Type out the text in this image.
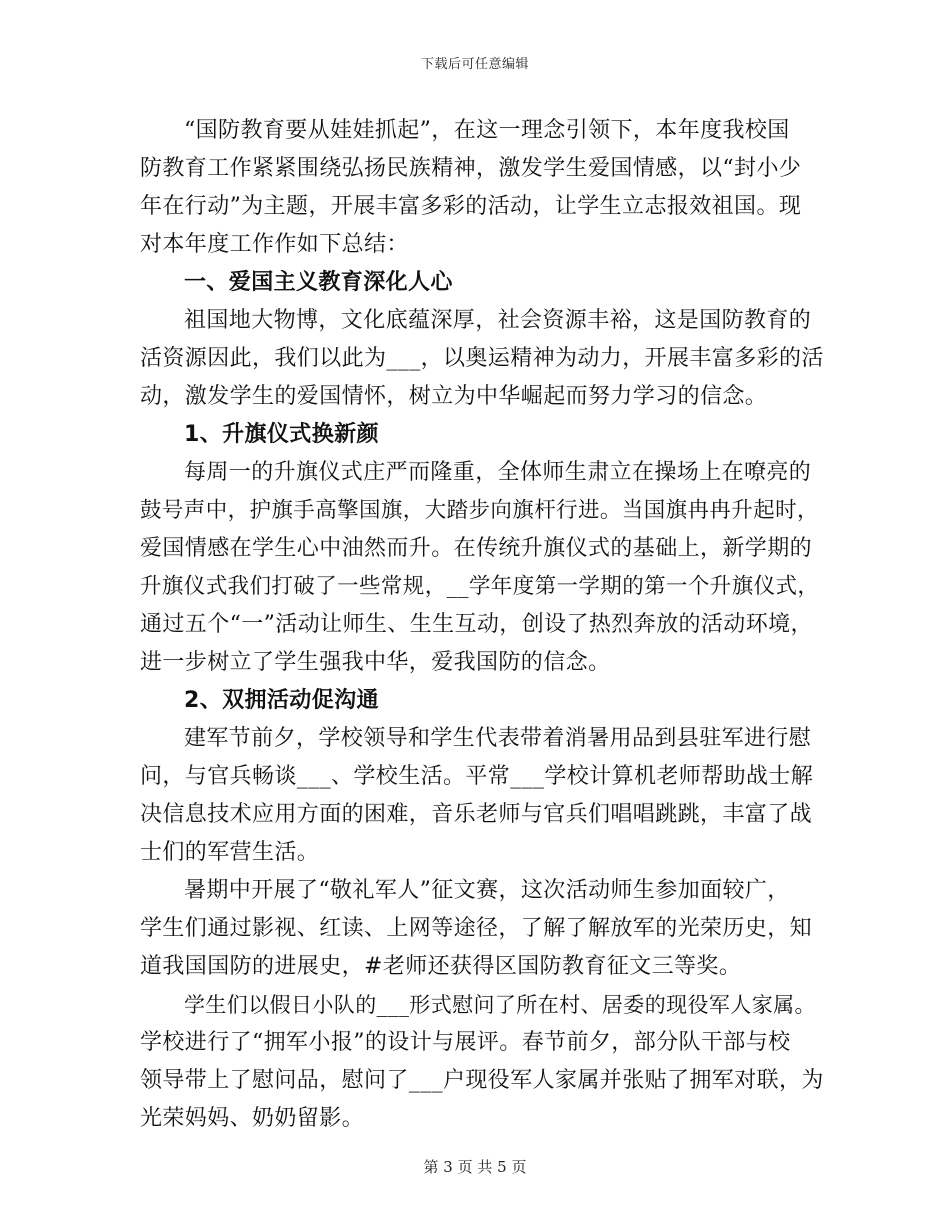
下载后可任意编辑
“国防教育要从娃娃抓起”，在这一理念引领下，本年度我校国
防教育工作紧紧围绕弘扬民族精神，激发学生爱国情感，以“封小少
年在行动”为主题，开展丰富多彩的活动，让学生立志报效祖国。现
对本年度工作作如下总结：
一、爱国主义教育深化人心
祖国地大物博，文化底蕴深厚，社会资源丰裕，这是国防教育的
活资源因此，我们以此为___，以奥运精神为动力，开展丰富多彩的活
动，激发学生的爱国情怀，树立为中华崛起而努力学习的信念。
1、升旗仪式换新颜
每周一的升旗仪式庄严而隆重，全体师生肃立在操场上在嘹亮的
鼓号声中，护旗手高擎国旗，大踏步向旗杆行进。当国旗冉冉升起时，
爱国情感在学生心中油然而升。在传统升旗仪式的基础上，新学期的
升旗仪式我们打破了一些常规，__学年度第一学期的第一个升旗仪式，
通过五个“一”活动让师生、生生互动，创设了热烈奔放的活动环境，
进一步树立了学生强我中华，爱我国防的信念。
2、双拥活动促沟通
建军节前夕，学校领导和学生代表带着消暑用品到县驻军进行慰
问，与官兵畅谈___、学校生活。平常___学校计算机老师帮助战士解
决信息技术应用方面的困难，音乐老师与官兵们唱唱跳跳，丰富了战
士们的军营生活。
暑期中开展了“敬礼军人”征文赛，这次活动师生参加面较广，
学生们通过影视、红读、上网等途径，了解了解放军的光荣历史，知
道我国国防的进展史，#老师还获得区国防教育征文三等奖。
学生们以假日小队的___形式慰问了所在村、居委的现役军人家属。
学校进行了“拥军小报”的设计与展评。春节前夕，部分队干部与校
领导带上了慰问品，慰问了___户现役军人家属并张贴了拥军对联，为
光荣妈妈、奶奶留影。
第 3 页 共 5 页
